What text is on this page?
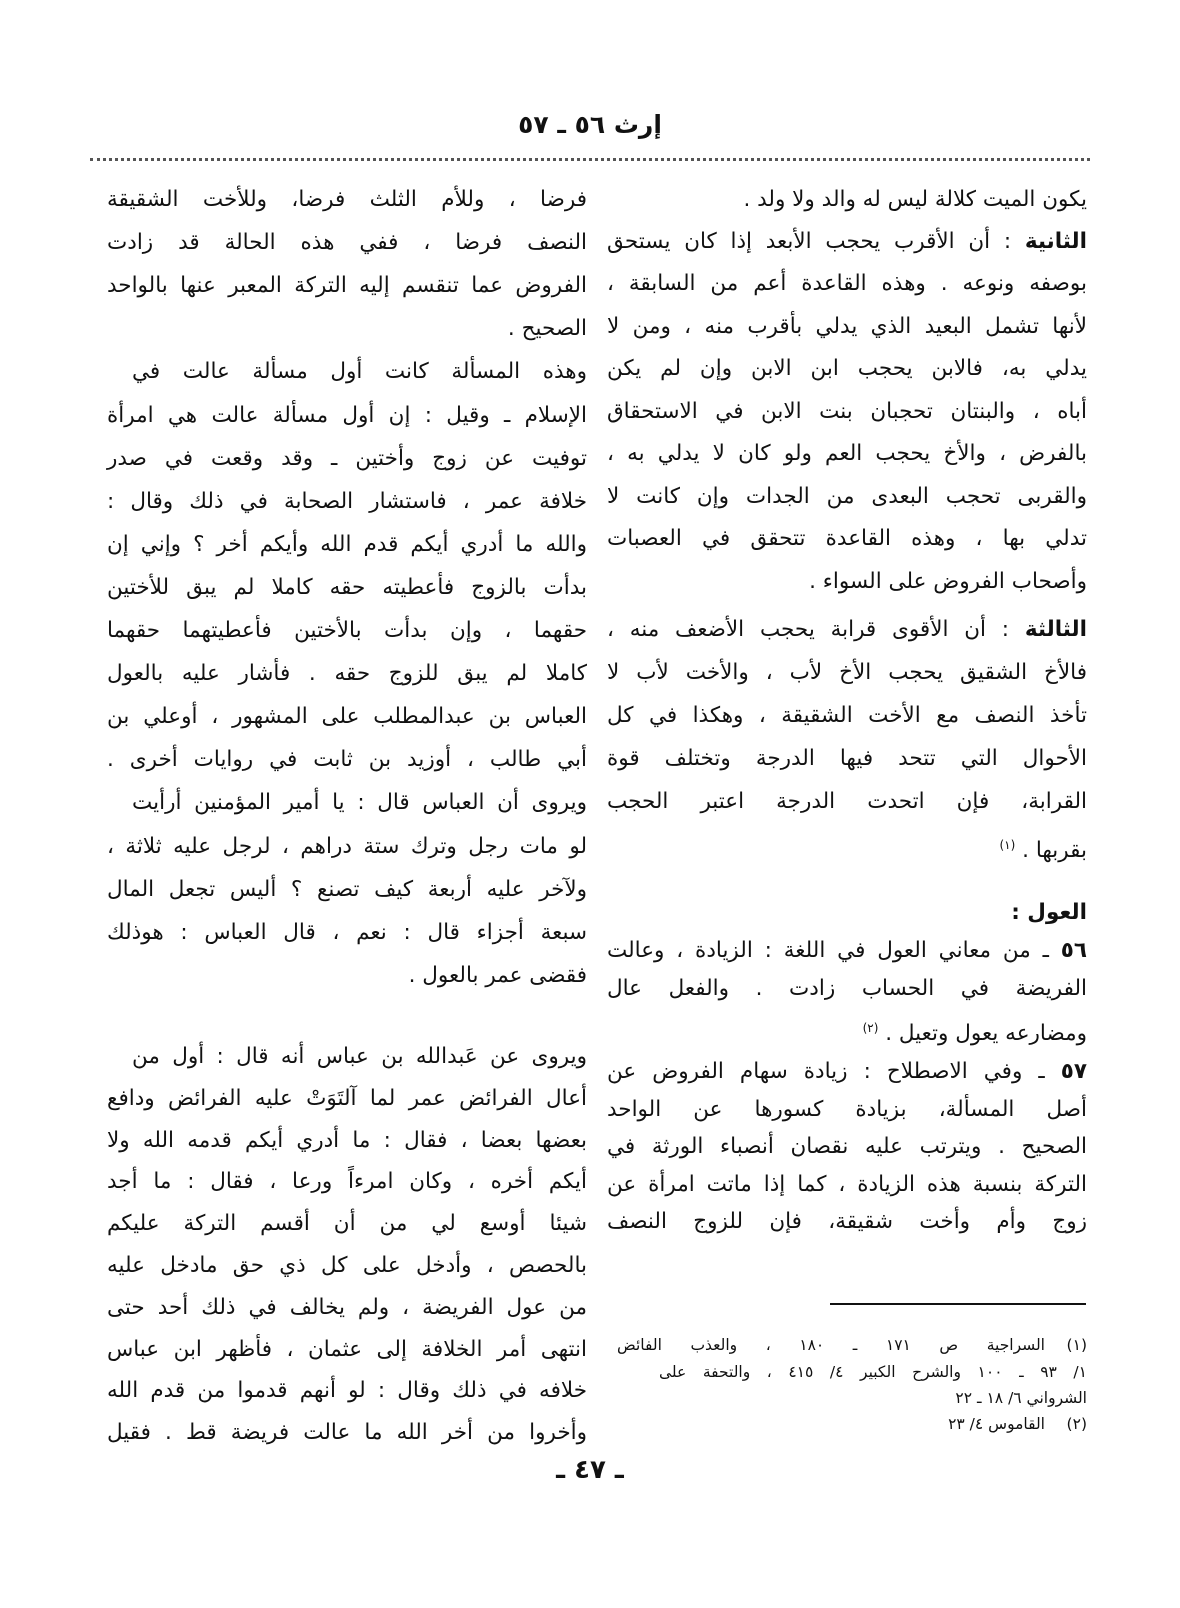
إرث ٥٦ ـ ٥٧
يكون الميت كلالة ليس له والد ولا ولد .
الثانية : أن الأقرب يحجب الأبعد إذا كان يستحق
بوصفه ونوعه . وهذه القاعدة أعم من السابقة ،
لأنها تشمل البعيد الذي يدلي بأقرب منه ، ومن لا
يدلي به، فالابن يحجب ابن الابن وإن لم يكن
أباه ، والبنتان تحجبان بنت الابن في الاستحقاق
بالفرض ، والأخ يحجب العم ولو كان لا يدلي به ،
والقربى تحجب البعدى من الجدات وإن كانت لا
تدلي بها ، وهذه القاعدة تتحقق في العصبات
وأصحاب الفروض على السواء .
الثالثة : أن الأقوى قرابة يحجب الأضعف منه ،
فالأخ الشقيق يحجب الأخ لأب ، والأخت لأب لا
تأخذ النصف مع الأخت الشقيقة ، وهكذا في كل
الأحوال التي تتحد فيها الدرجة وتختلف قوة
القرابة، فإن اتحدت الدرجة اعتبر الحجب
بقربها . $^{(١)}$
العول :
٥٦ ـ من معاني العول في اللغة : الزيادة ، وعالت
الفريضة في الحساب زادت . والفعل عال
ومضارعه يعول وتعيل . $^{(٢)}$
٥٧ ـ وفي الاصطلاح : زيادة سهام الفروض عن
أصل المسألة، بزيادة كسورها عن الواحد
الصحيح . ويترتب عليه نقصان أنصباء الورثة في
التركة بنسبة هذه الزيادة ، كما إذا ماتت امرأة عن
زوج وأم وأخت شقيقة، فإن للزوج النصف
فرضا ، وللأم الثلث فرضا، وللأخت الشقيقة
النصف فرضا ، ففي هذه الحالة قد زادت
الفروض عما تنقسم إليه التركة المعبر عنها بالواحد
الصحيح .
وهذه المسألة كانت أول مسألة عالت في
الإسلام ـ وقيل : إن أول مسألة عالت هي امرأة
توفيت عن زوج وأختين ـ وقد وقعت في صدر
خلافة عمر ، فاستشار الصحابة في ذلك وقال :
والله ما أدري أيكم قدم الله وأيكم أخر ؟ وإني إن
بدأت بالزوج فأعطيته حقه كاملا لم يبق للأختين
حقهما ، وإن بدأت بالأختين فأعطيتهما حقهما
كاملا لم يبق للزوج حقه . فأشار عليه بالعول
العباس بن عبدالمطلب على المشهور ، أوعلي بن
أبي طالب ، أوزيد بن ثابت في روايات أخرى .
ويروى أن العباس قال : يا أمير المؤمنين أرأيت
لو مات رجل وترك ستة دراهم ، لرجل عليه ثلاثة ،
ولآخر عليه أربعة كيف تصنع ؟ أليس تجعل المال
سبعة أجزاء قال : نعم ، قال العباس : هوذلك
فقضى عمر بالعول .
ويروى عن عَبدالله بن عباس أنه قال : أول من
أعال الفرائض عمر لما آلتَوَتْ عليه الفرائض ودافع
بعضها بعضا ، فقال : ما أدري أيكم قدمه الله ولا
أيكم أخره ، وكان امرءاً ورعا ، فقال : ما أجد
شيئا أوسع لي من أن أقسم التركة عليكم
بالحصص ، وأدخل على كل ذي حق مادخل عليه
من عول الفريضة ، ولم يخالف في ذلك أحد حتى
انتهى أمر الخلافة إلى عثمان ، فأظهر ابن عباس
خلافه في ذلك وقال : لو أنهم قدموا من قدم الله
وأخروا من أخر الله ما عالت فريضة قط . فقيل
(١)السراجية ص ١٧١ ـ ١٨٠ ، والعذب الفائض
١/ ٩٣ ـ ١٠٠ والشرح الكبير ٤/ ٤١٥ ، والتحفة على
الشرواني ٦/ ١٨ ـ ٢٢
(٢)القاموس ٤/ ٢٣
ـ ٤٧ ـ
